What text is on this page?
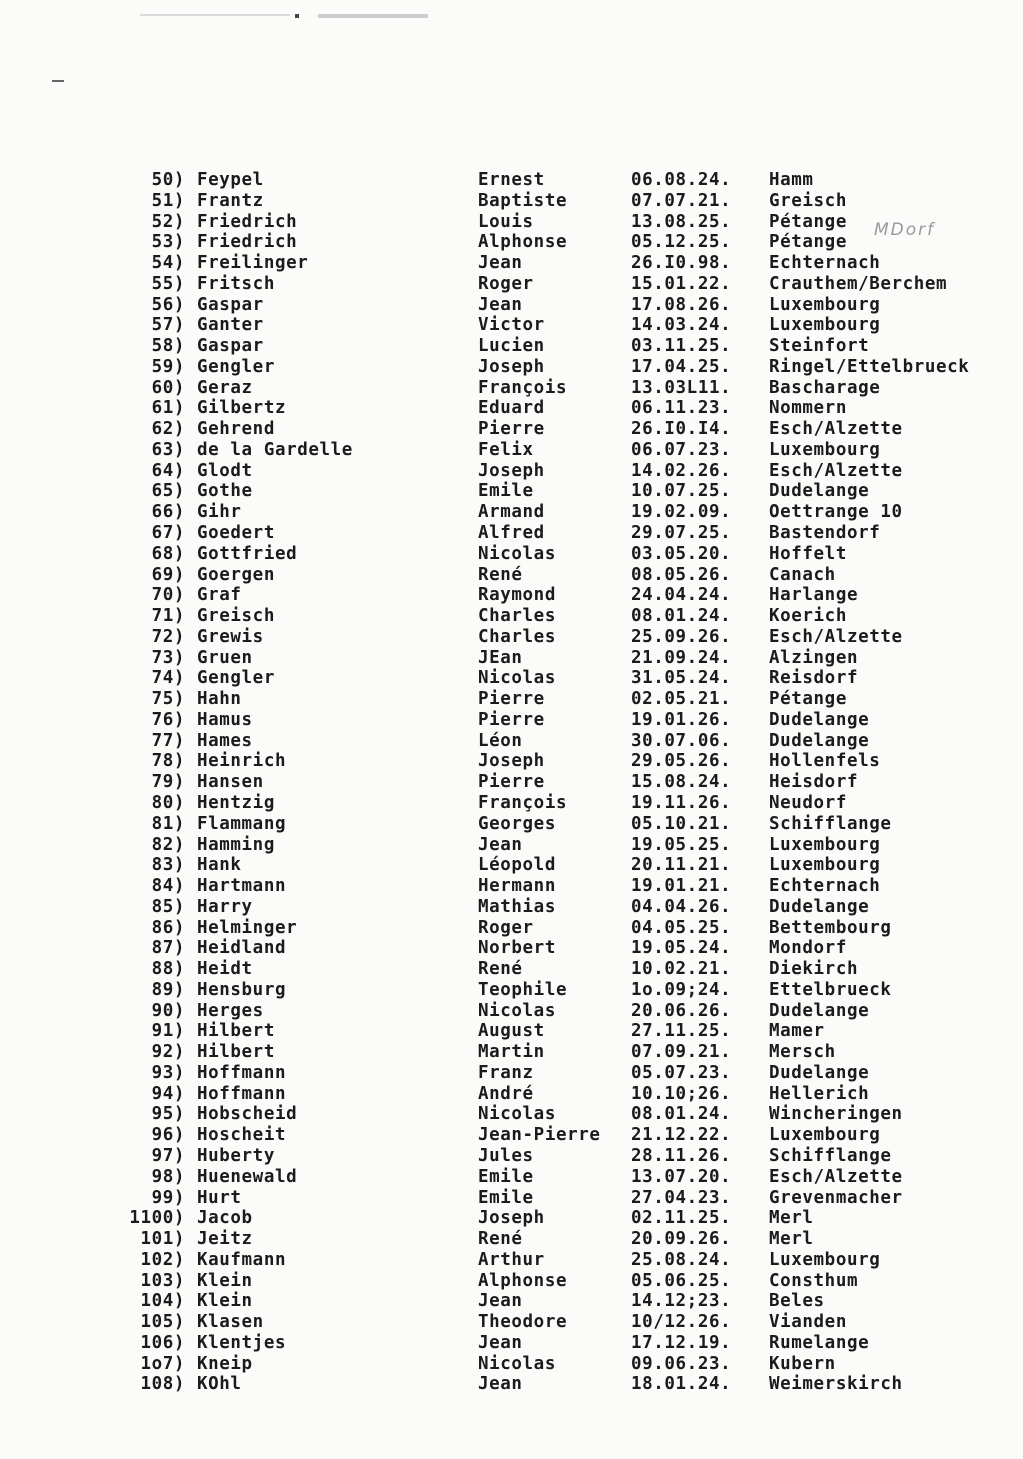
MDorf
50) Feypel	Ernest	06.08.24. Hamm
51) Frantz	Baptiste	07.07.21. Greisch
52) Friedrich	Louis	13.08.25. Pétange
53) Friedrich	Alphonse	05.12.25. Pétange
54) Freilinger	Jean	26.I0.98. Echternach
55) Fritsch	Roger	15.01.22. Crauthem/Berchem
56) Gaspar	Jean	17.08.26. Luxembourg
57) Ganter	Victor	14.03.24. Luxembourg
58) Gaspar	Lucien	03.11.25. Steinfort
59) Gengler	Joseph	17.04.25. Ringel/Ettelbrueck
60) Geraz	François	13.03L11. Bascharage
61) Gilbertz	Eduard	06.11.23. Nommern
62) Gehrend	Pierre	26.I0.I4. Esch/Alzette
63) de la Gardelle	Felix	06.07.23. Luxembourg
64) Glodt	Joseph	14.02.26. Esch/Alzette
65) Gothe	Emile	10.07.25. Dudelange
66) Gihr	Armand	19.02.09. Oettrange 10
67) Goedert	Alfred	29.07.25. Bastendorf
68) Gottfried	Nicolas	03.05.20. Hoffelt
69) Goergen	René	08.05.26. Canach
70) Graf	Raymond	24.04.24. Harlange
71) Greisch	Charles	08.01.24. Koerich
72) Grewis	Charles	25.09.26. Esch/Alzette
73) Gruen	JEan	21.09.24. Alzingen
74) Gengler	Nicolas	31.05.24. Reisdorf
75) Hahn	Pierre	02.05.21. Pétange
76) Hamus	Pierre	19.01.26. Dudelange
77) Hames	Léon	30.07.06. Dudelange
78) Heinrich	Joseph	29.05.26. Hollenfels
79) Hansen	Pierre	15.08.24. Heisdorf
80) Hentzig	François	19.11.26. Neudorf
81) Flammang	Georges	05.10.21. Schifflange
82) Hamming	Jean	19.05.25. Luxembourg
83) Hank	Léopold	20.11.21. Luxembourg
84) Hartmann	Hermann	19.01.21. Echternach
85) Harry	Mathias	04.04.26. Dudelange
86) Helminger	Roger	04.05.25. Bettembourg
87) Heidland	Norbert	19.05.24. Mondorf
88) Heidt	René	10.02.21. Diekirch
89) Hensburg	Teophile	1o.09;24. Ettelbrueck
90) Herges	Nicolas	20.06.26. Dudelange
91) Hilbert	August	27.11.25. Mamer
92) Hilbert	Martin	07.09.21. Mersch
93) Hoffmann	Franz	05.07.23. Dudelange
94) Hoffmann	André	10.10;26. Hellerich
95) Hobscheid	Nicolas	08.01.24. Wincheringen
96) Hoscheit	Jean-Pierre 21.12.22. Luxembourg
97) Huberty	Jules	28.11.26. Schifflange
98) Huenewald	Emile	13.07.20. Esch/Alzette
99) Hurt	Emile	27.04.23. Grevenmacher
1100) Jacob	Joseph	02.11.25. Merl
101) Jeitz	René	20.09.26. Merl
102) Kaufmann	Arthur	25.08.24. Luxembourg
103) Klein	Alphonse	05.06.25. Consthum
104) Klein	Jean	14.12;23. Beles
105) Klasen	Theodore	10/12.26. Vianden
106) Klentjes	Jean	17.12.19. Rumelange
1o7) Kneip	Nicolas	09.06.23. Kubern
108) KOhl	Jean	18.01.24. Weimerskirch
